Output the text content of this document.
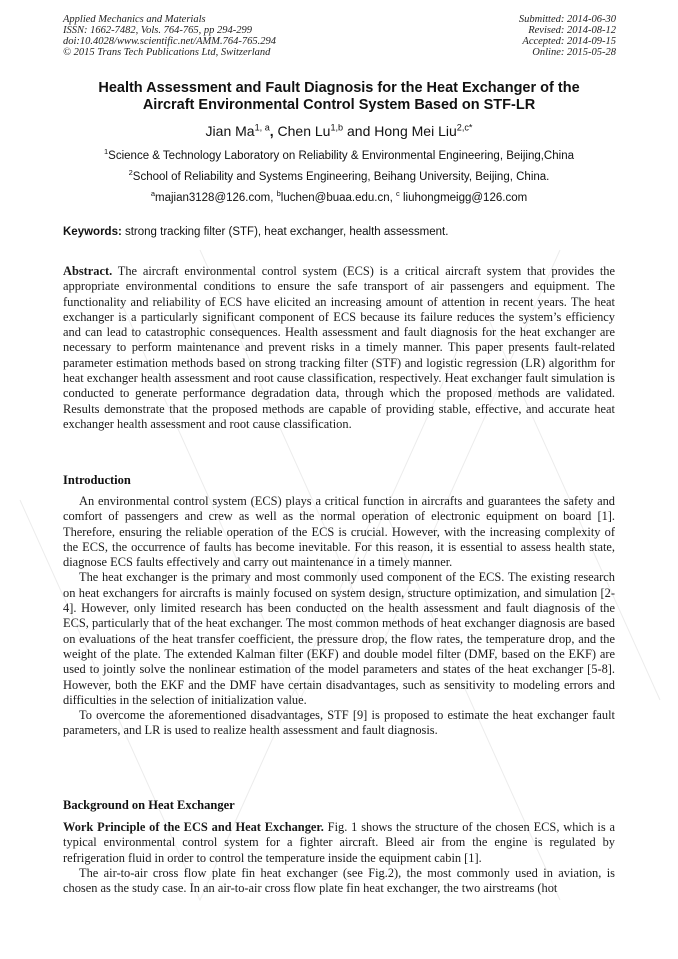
Applied Mechanics and Materials
ISSN: 1662-7482, Vols. 764-765, pp 294-299
doi:10.4028/www.scientific.net/AMM.764-765.294
© 2015 Trans Tech Publications Ltd, Switzerland
Submitted: 2014-06-30
Revised: 2014-08-12
Accepted: 2014-09-15
Online: 2015-05-28
Health Assessment and Fault Diagnosis for the Heat Exchanger of the
Aircraft Environmental Control System Based on STF-LR
Jian Ma$^{1, a}$, Chen Lu$^{1,b}$ and Hong Mei Liu$^{2,c*}$
$^1$Science & Technology Laboratory on Reliability & Environmental Engineering, Beijing,China
$^2$School of Reliability and Systems Engineering, Beihang University, Beijing, China.
$^a$majian3128@126.com, $^b$luchen@buaa.edu.cn, $^c$ liuhongmeigg@126.com
Keywords: strong tracking filter (STF), heat exchanger, health assessment.

Abstract. The aircraft environmental control system (ECS) is a critical aircraft system that provides the appropriate environmental conditions to ensure the safe transport of air passengers and equipment. The functionality and reliability of ECS have elicited an increasing amount of attention in recent years. The heat exchanger is a particularly significant component of ECS because its failure reduces the system’s efficiency and can lead to catastrophic consequences. Health assessment and fault diagnosis for the heat exchanger are necessary to perform maintenance and prevent risks in a timely manner. This paper presents fault-related parameter estimation methods based on strong tracking filter (STF) and logistic regression (LR) algorithm for heat exchanger health assessment and root cause classification, respectively. Heat exchanger fault simulation is conducted to generate performance degradation data, through which the proposed methods are validated. Results demonstrate that the proposed methods are capable of providing stable, effective, and accurate heat exchanger health assessment and root cause classification.

Introduction

An environmental control system (ECS) plays a critical function in aircrafts and guarantees the safety and comfort of passengers and crew as well as the normal operation of electronic equipment on board [1]. Therefore, ensuring the reliable operation of the ECS is crucial. However, with the increasing complexity of the ECS, the occurrence of faults has become inevitable. For this reason, it is essential to assess health state, diagnose ECS faults effectively and carry out maintenance in a timely manner.

The heat exchanger is the primary and most commonly used component of the ECS. The existing research on heat exchangers for aircrafts is mainly focused on system design, structure optimization, and simulation [2-4]. However, only limited research has been conducted on the health assessment and fault diagnosis of the ECS, particularly that of the heat exchanger. The most common methods of heat exchanger diagnosis are based on evaluations of the heat transfer coefficient, the pressure drop, the flow rates, the temperature drop, and the weight of the plate. The extended Kalman filter (EKF) and double model filter (DMF, based on the EKF) are used to jointly solve the nonlinear estimation of the model parameters and states of the heat exchanger [5-8]. However, both the EKF and the DMF have certain disadvantages, such as sensitivity to modeling errors and difficulties in the selection of initialization value.

To overcome the aforementioned disadvantages, STF [9] is proposed to estimate the heat exchanger fault parameters, and LR is used to realize health assessment and fault diagnosis.

Background on Heat Exchanger

Work Principle of the ECS and Heat Exchanger. Fig. 1 shows the structure of the chosen ECS, which is a typical environmental control system for a fighter aircraft. Bleed air from the engine is regulated by refrigeration fluid in order to control the temperature inside the equipment cabin [1].

The air-to-air cross flow plate fin heat exchanger (see Fig.2), the most commonly used in aviation, is chosen as the study case. In an air-to-air cross flow plate fin heat exchanger, the two airstreams (hot
